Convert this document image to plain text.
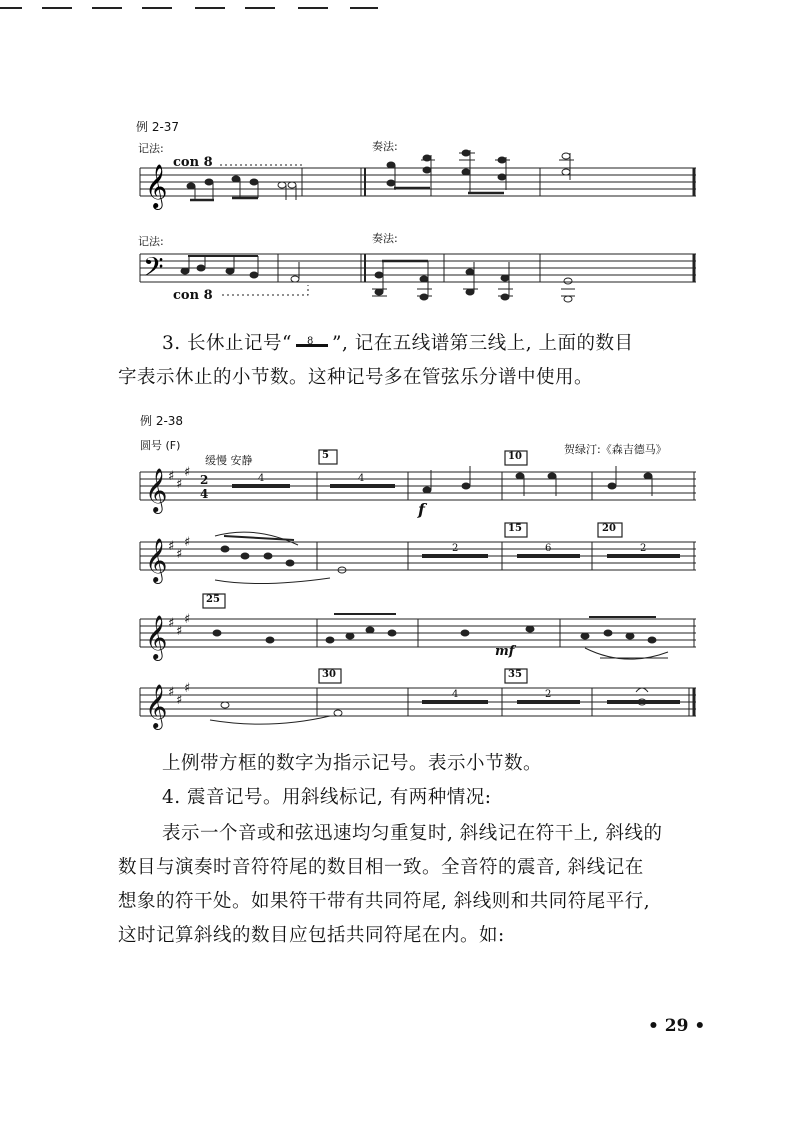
𝄞
𝄢
𝄞
𝄞
𝄞
𝄞
♯
♯
♯
♯
♯
♯
♯
♯
♯
♯
♯
♯
2
4
例 2-37
记法:	奏法:
con 8
记法:	奏法:
con 8
3. 长休止记号“ 8 ”, 记在五线谱第三线上, 上面的数目
字表示休止的小节数。这种记号多在管弦乐分谱中使用。
例 2-38
圆号 (F)
缓慢 安静
贺绿汀:《森吉德马》
5	10
15	20
25
30	35
4	4
2	6	2
4	2
f
mf
上例带方框的数字为指示记号。表示小节数。
4. 震音记号。用斜线标记, 有两种情况:
表示一个音或和弦迅速均匀重复时, 斜线记在符干上, 斜线的
数目与演奏时音符符尾的数目相一致。全音符的震音, 斜线记在
想象的符干处。如果符干带有共同符尾, 斜线则和共同符尾平行,
这时记算斜线的数目应包括共同符尾在内。如:
• 29 •
